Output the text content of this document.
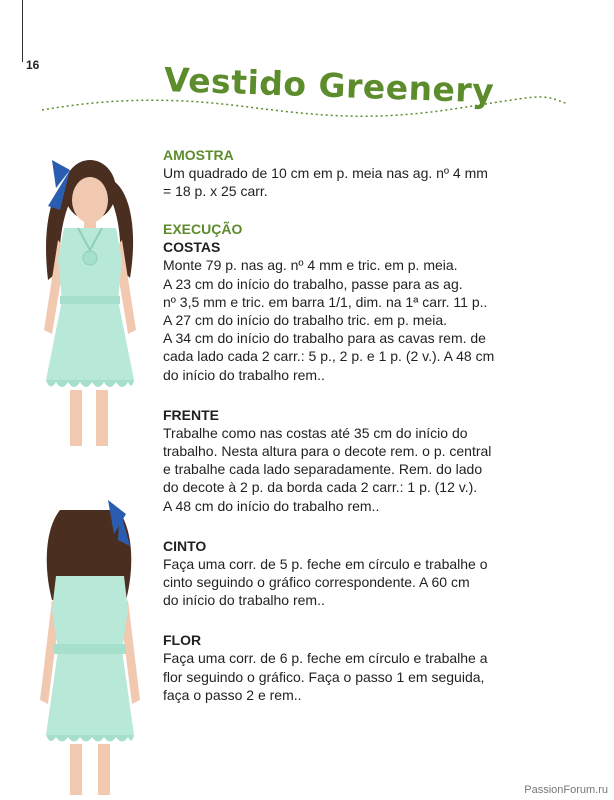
16	Vestido Greenery
AMOSTRA
Um quadrado de 10 cm em p. meia nas ag. nº 4 mm
= 18 p. x 25 carr.
EXECUÇÃO
COSTAS
Monte 79 p. nas ag. nº 4 mm e tric. em p. meia.
A 23 cm do início do trabalho, passe para as ag.
nº 3,5 mm e tric. em barra 1/1, dim. na 1ª carr. 11 p..
A 27 cm do início do trabalho tric. em p. meia.
A 34 cm do início do trabalho para as cavas rem. de
cada lado cada 2 carr.: 5 p., 2 p. e 1 p. (2 v.). A 48 cm
do início do trabalho rem..
FRENTE
Trabalhe como nas costas até 35 cm do início do
trabalho. Nesta altura para o decote rem. o p. central
e trabalhe cada lado separadamente. Rem. do lado
do decote à 2 p. da borda cada 2 carr.: 1 p. (12 v.).
A 48 cm do início do trabalho rem..
CINTO
Faça uma corr. de 5 p. feche em círculo e trabalhe o
cinto seguindo o gráfico correspondente. A 60 cm
do início do trabalho rem..
FLOR
Faça uma corr. de 6 p. feche em círculo e trabalhe a
flor seguindo o gráfico. Faça o passo 1 em seguida,
faça o passo 2 e rem..
PassionForum.ru
